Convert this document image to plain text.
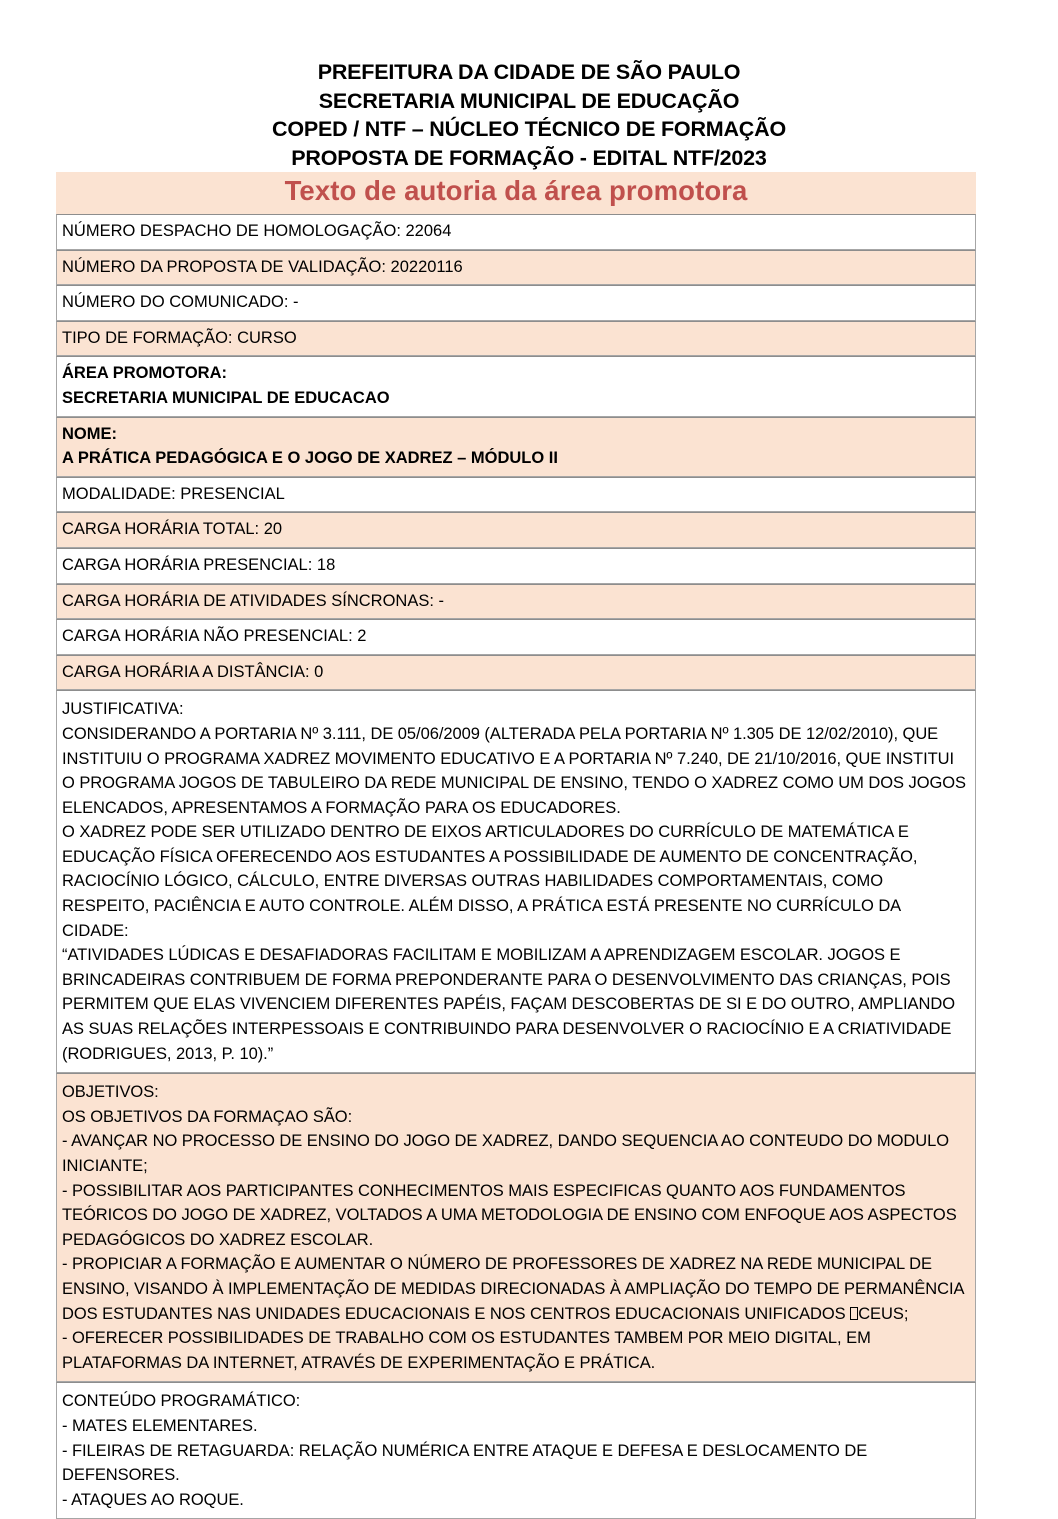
PREFEITURA DA CIDADE DE SÃO PAULO
SECRETARIA MUNICIPAL DE EDUCAÇÃO
COPED / NTF – NÚCLEO TÉCNICO DE FORMAÇÃO
PROPOSTA DE FORMAÇÃO - EDITAL NTF/2023
Texto de autoria da área promotora
NÚMERO DESPACHO DE HOMOLOGAÇÃO: 22064
NÚMERO DA PROPOSTA DE VALIDAÇÃO: 20220116
NÚMERO DO COMUNICADO: -
TIPO DE FORMAÇÃO: CURSO

ÁREA PROMOTORA:
SECRETARIA MUNICIPAL DE EDUCACAO

NOME:
A PRÁTICA PEDAGÓGICA E O JOGO DE XADREZ – MÓDULO II

MODALIDADE: PRESENCIAL
CARGA HORÁRIA TOTAL: 20
CARGA HORÁRIA PRESENCIAL: 18
CARGA HORÁRIA DE ATIVIDADES SÍNCRONAS: -
CARGA HORÁRIA NÃO PRESENCIAL: 2
CARGA HORÁRIA A DISTÂNCIA: 0

JUSTIFICATIVA:

CONSIDERANDO A PORTARIA Nº 3.111, DE 05/06/2009 (ALTERADA PELA PORTARIA Nº 1.305 DE 12/02/2010), QUE INSTITUIU O PROGRAMA XADREZ MOVIMENTO EDUCATIVO E A PORTARIA Nº 7.240, DE 21/10/2016, QUE INSTITUI O PROGRAMA JOGOS DE TABULEIRO DA REDE MUNICIPAL DE ENSINO, TENDO O XADREZ COMO UM DOS JOGOS ELENCADOS, APRESENTAMOS A FORMAÇÃO PARA OS EDUCADORES.

O XADREZ PODE SER UTILIZADO DENTRO DE EIXOS ARTICULADORES DO CURRÍCULO DE MATEMÁTICA E EDUCAÇÃO FÍSICA OFERECENDO AOS ESTUDANTES A POSSIBILIDADE DE AUMENTO DE CONCENTRAÇÃO, RACIOCÍNIO LÓGICO, CÁLCULO, ENTRE DIVERSAS OUTRAS HABILIDADES COMPORTAMENTAIS, COMO RESPEITO, PACIÊNCIA E AUTO CONTROLE. ALÉM DISSO, A PRÁTICA ESTÁ PRESENTE NO CURRÍCULO DA CIDADE:

“ATIVIDADES LÚDICAS E DESAFIADORAS FACILITAM E MOBILIZAM A APRENDIZAGEM ESCOLAR. JOGOS E BRINCADEIRAS CONTRIBUEM DE FORMA PREPONDERANTE PARA O DESENVOLVIMENTO DAS CRIANÇAS, POIS PERMITEM QUE ELAS VIVENCIEM DIFERENTES PAPÉIS, FAÇAM DESCOBERTAS DE SI E DO OUTRO, AMPLIANDO AS SUAS RELAÇÕES INTERPESSOAIS E CONTRIBUINDO PARA DESENVOLVER O RACIOCÍNIO E A CRIATIVIDADE (RODRIGUES, 2013, P. 10).”

OBJETIVOS:

OS OBJETIVOS DA FORMAÇAO SÃO:

- AVANÇAR NO PROCESSO DE ENSINO DO JOGO DE XADREZ, DANDO SEQUENCIA AO CONTEUDO DO MODULO INICIANTE;

- POSSIBILITAR AOS PARTICIPANTES CONHECIMENTOS MAIS ESPECIFICAS QUANTO AOS FUNDAMENTOS TEÓRICOS DO JOGO DE XADREZ, VOLTADOS A UMA METODOLOGIA DE ENSINO COM ENFOQUE AOS ASPECTOS PEDAGÓGICOS DO XADREZ ESCOLAR.

- PROPICIAR A FORMAÇÃO E AUMENTAR O NÚMERO DE PROFESSORES DE XADREZ NA REDE MUNICIPAL DE ENSINO, VISANDO À IMPLEMENTAÇÃO DE MEDIDAS DIRECIONADAS À AMPLIAÇÃO DO TEMPO DE PERMANÊNCIA DOS ESTUDANTES NAS UNIDADES EDUCACIONAIS E NOS CENTROS EDUCACIONAIS UNIFICADOS CEUS;

- OFERECER POSSIBILIDADES DE TRABALHO COM OS ESTUDANTES TAMBEM POR MEIO DIGITAL, EM PLATAFORMAS DA INTERNET, ATRAVÉS DE EXPERIMENTAÇÃO E PRÁTICA.

CONTEÚDO PROGRAMÁTICO:

- MATES ELEMENTARES.

- FILEIRAS DE RETAGUARDA: RELAÇÃO NUMÉRICA ENTRE ATAQUE E DEFESA E DESLOCAMENTO DE DEFENSORES.

- ATAQUES AO ROQUE.
